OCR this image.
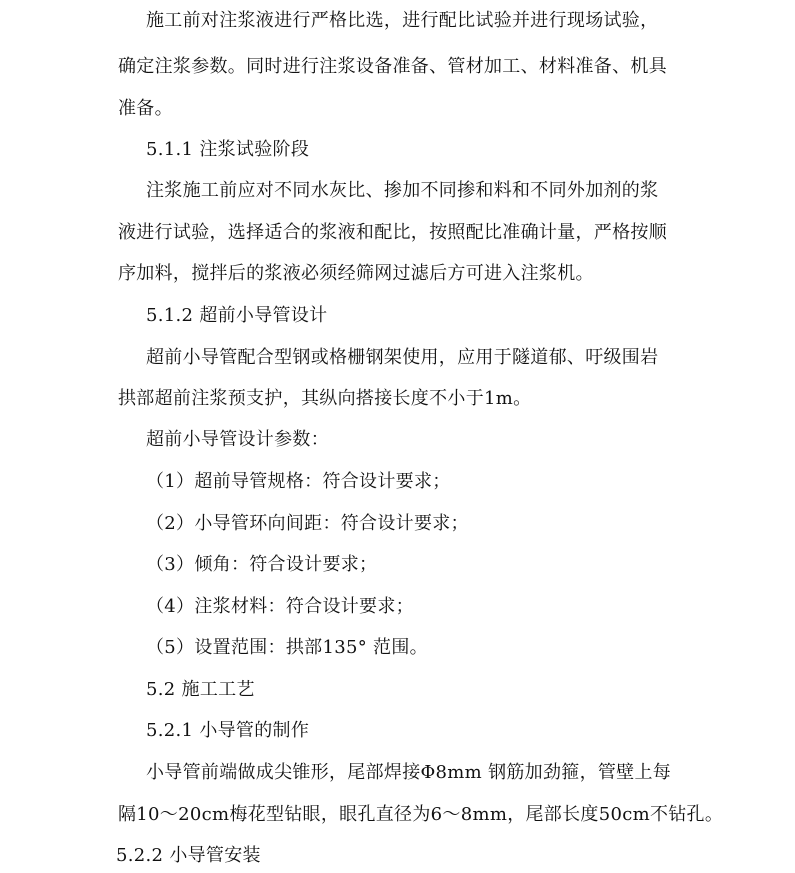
施工前对注浆液进行严格比选，进行配比试验并进行现场试验，
确定注浆参数。同时进行注浆设备准备、管材加工、材料准备、机具
准备。
5.1.1 注浆试验阶段
注浆施工前应对不同水灰比、掺加不同掺和料和不同外加剂的浆
液进行试验，选择适合的浆液和配比，按照配比准确计量，严格按顺
序加料，搅拌后的浆液必须经筛网过滤后方可进入注浆机。
5.1.2 超前小导管设计
超前小导管配合型钢或格栅钢架使用，应用于隧道郁、吁级围岩
拱部超前注浆预支护，其纵向搭接长度不小于1m。
超前小导管设计参数：
（1）超前导管规格：符合设计要求；
（2）小导管环向间距：符合设计要求；
（3）倾角：符合设计要求；
（4）注浆材料：符合设计要求；
（5）设置范围：拱部135° 范围。
5.2 施工工艺
5.2.1 小导管的制作
小导管前端做成尖锥形，尾部焊接Φ8mm 钢筋加劲箍，管壁上每
隔10～20cm梅花型钻眼，眼孔直径为6～8mm，尾部长度50cm不钻孔。
5.2.2 小导管安装
